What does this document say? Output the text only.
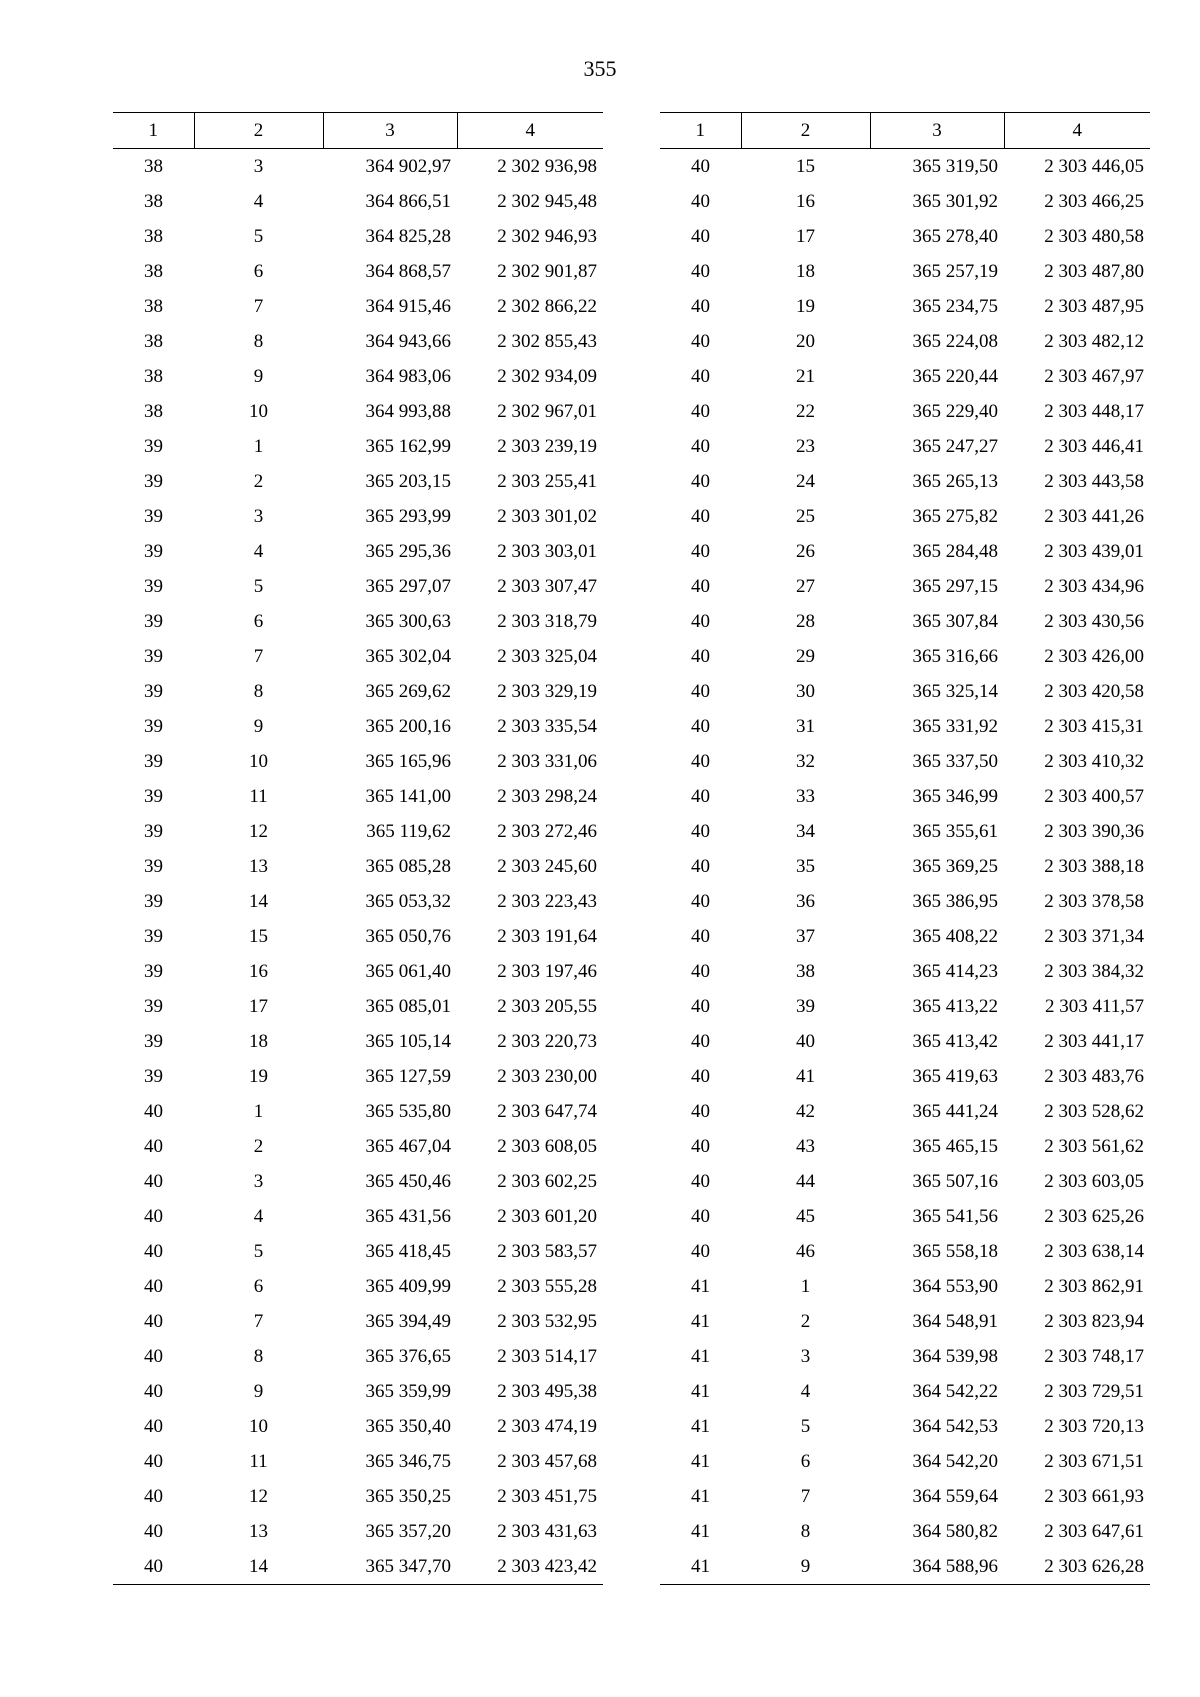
355
1	2	3	4
38	3	364 902,97	2 302 936,98
38	4	364 866,51	2 302 945,48
38	5	364 825,28	2 302 946,93
38	6	364 868,57	2 302 901,87
38	7	364 915,46	2 302 866,22
38	8	364 943,66	2 302 855,43
38	9	364 983,06	2 302 934,09
38	10	364 993,88	2 302 967,01
39	1	365 162,99	2 303 239,19
39	2	365 203,15	2 303 255,41
39	3	365 293,99	2 303 301,02
39	4	365 295,36	2 303 303,01
39	5	365 297,07	2 303 307,47
39	6	365 300,63	2 303 318,79
39	7	365 302,04	2 303 325,04
39	8	365 269,62	2 303 329,19
39	9	365 200,16	2 303 335,54
39	10	365 165,96	2 303 331,06
39	11	365 141,00	2 303 298,24
39	12	365 119,62	2 303 272,46
39	13	365 085,28	2 303 245,60
39	14	365 053,32	2 303 223,43
39	15	365 050,76	2 303 191,64
39	16	365 061,40	2 303 197,46
39	17	365 085,01	2 303 205,55
39	18	365 105,14	2 303 220,73
39	19	365 127,59	2 303 230,00
40	1	365 535,80	2 303 647,74
40	2	365 467,04	2 303 608,05
40	3	365 450,46	2 303 602,25
40	4	365 431,56	2 303 601,20
40	5	365 418,45	2 303 583,57
40	6	365 409,99	2 303 555,28
40	7	365 394,49	2 303 532,95
40	8	365 376,65	2 303 514,17
40	9	365 359,99	2 303 495,38
40	10	365 350,40	2 303 474,19
40	11	365 346,75	2 303 457,68
40	12	365 350,25	2 303 451,75
40	13	365 357,20	2 303 431,63
40	14	365 347,70	2 303 423,42
1	2	3	4
40	15	365 319,50	2 303 446,05
40	16	365 301,92	2 303 466,25
40	17	365 278,40	2 303 480,58
40	18	365 257,19	2 303 487,80
40	19	365 234,75	2 303 487,95
40	20	365 224,08	2 303 482,12
40	21	365 220,44	2 303 467,97
40	22	365 229,40	2 303 448,17
40	23	365 247,27	2 303 446,41
40	24	365 265,13	2 303 443,58
40	25	365 275,82	2 303 441,26
40	26	365 284,48	2 303 439,01
40	27	365 297,15	2 303 434,96
40	28	365 307,84	2 303 430,56
40	29	365 316,66	2 303 426,00
40	30	365 325,14	2 303 420,58
40	31	365 331,92	2 303 415,31
40	32	365 337,50	2 303 410,32
40	33	365 346,99	2 303 400,57
40	34	365 355,61	2 303 390,36
40	35	365 369,25	2 303 388,18
40	36	365 386,95	2 303 378,58
40	37	365 408,22	2 303 371,34
40	38	365 414,23	2 303 384,32
40	39	365 413,22	2 303 411,57
40	40	365 413,42	2 303 441,17
40	41	365 419,63	2 303 483,76
40	42	365 441,24	2 303 528,62
40	43	365 465,15	2 303 561,62
40	44	365 507,16	2 303 603,05
40	45	365 541,56	2 303 625,26
40	46	365 558,18	2 303 638,14
41	1	364 553,90	2 303 862,91
41	2	364 548,91	2 303 823,94
41	3	364 539,98	2 303 748,17
41	4	364 542,22	2 303 729,51
41	5	364 542,53	2 303 720,13
41	6	364 542,20	2 303 671,51
41	7	364 559,64	2 303 661,93
41	8	364 580,82	2 303 647,61
41	9	364 588,96	2 303 626,28
